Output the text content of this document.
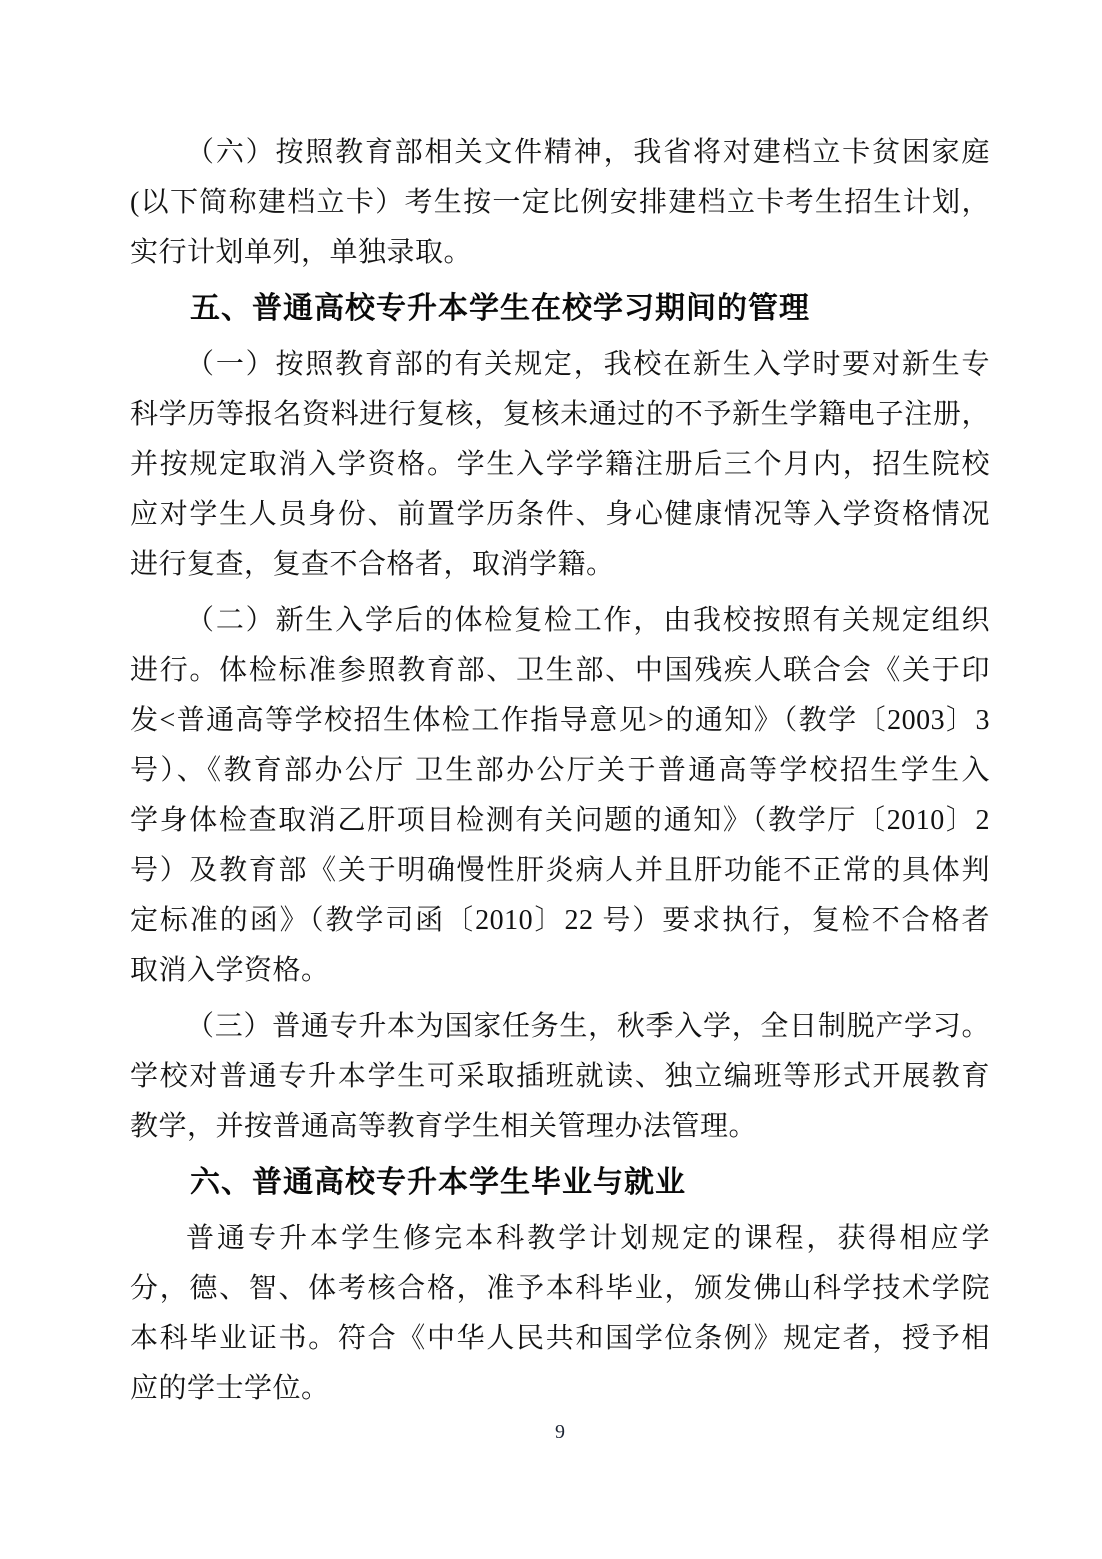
（六）按照教育部相关文件精神，我省将对建档立卡贫困家庭
(以下简称建档立卡）考生按一定比例安排建档立卡考生招生计划，
实行计划单列，单独录取。
五、普通高校专升本学生在校学习期间的管理
（一）按照教育部的有关规定，我校在新生入学时要对新生专
科学历等报名资料进行复核，复核未通过的不予新生学籍电子注册，
并按规定取消入学资格。学生入学学籍注册后三个月内，招生院校
应对学生人员身份、前置学历条件、身心健康情况等入学资格情况
进行复查，复查不合格者，取消学籍。
（二）新生入学后的体检复检工作，由我校按照有关规定组织
进行。体检标准参照教育部、卫生部、中国残疾人联合会《关于印
发<普通高等学校招生体检工作指导意见>的通知》（教学〔2003〕3
号）、《教育部办公厅 卫生部办公厅关于普通高等学校招生学生入
学身体检查取消乙肝项目检测有关问题的通知》（教学厅〔2010〕2
号）及教育部《关于明确慢性肝炎病人并且肝功能不正常的具体判
定标准的函》（教学司函〔2010〕22 号）要求执行，复检不合格者
取消入学资格。
（三）普通专升本为国家任务生，秋季入学，全日制脱产学习。
学校对普通专升本学生可采取插班就读、独立编班等形式开展教育
教学，并按普通高等教育学生相关管理办法管理。
六、普通高校专升本学生毕业与就业
普通专升本学生修完本科教学计划规定的课程，获得相应学
分，德、智、体考核合格，准予本科毕业，颁发佛山科学技术学院
本科毕业证书。符合《中华人民共和国学位条例》规定者，授予相
应的学士学位。
9
